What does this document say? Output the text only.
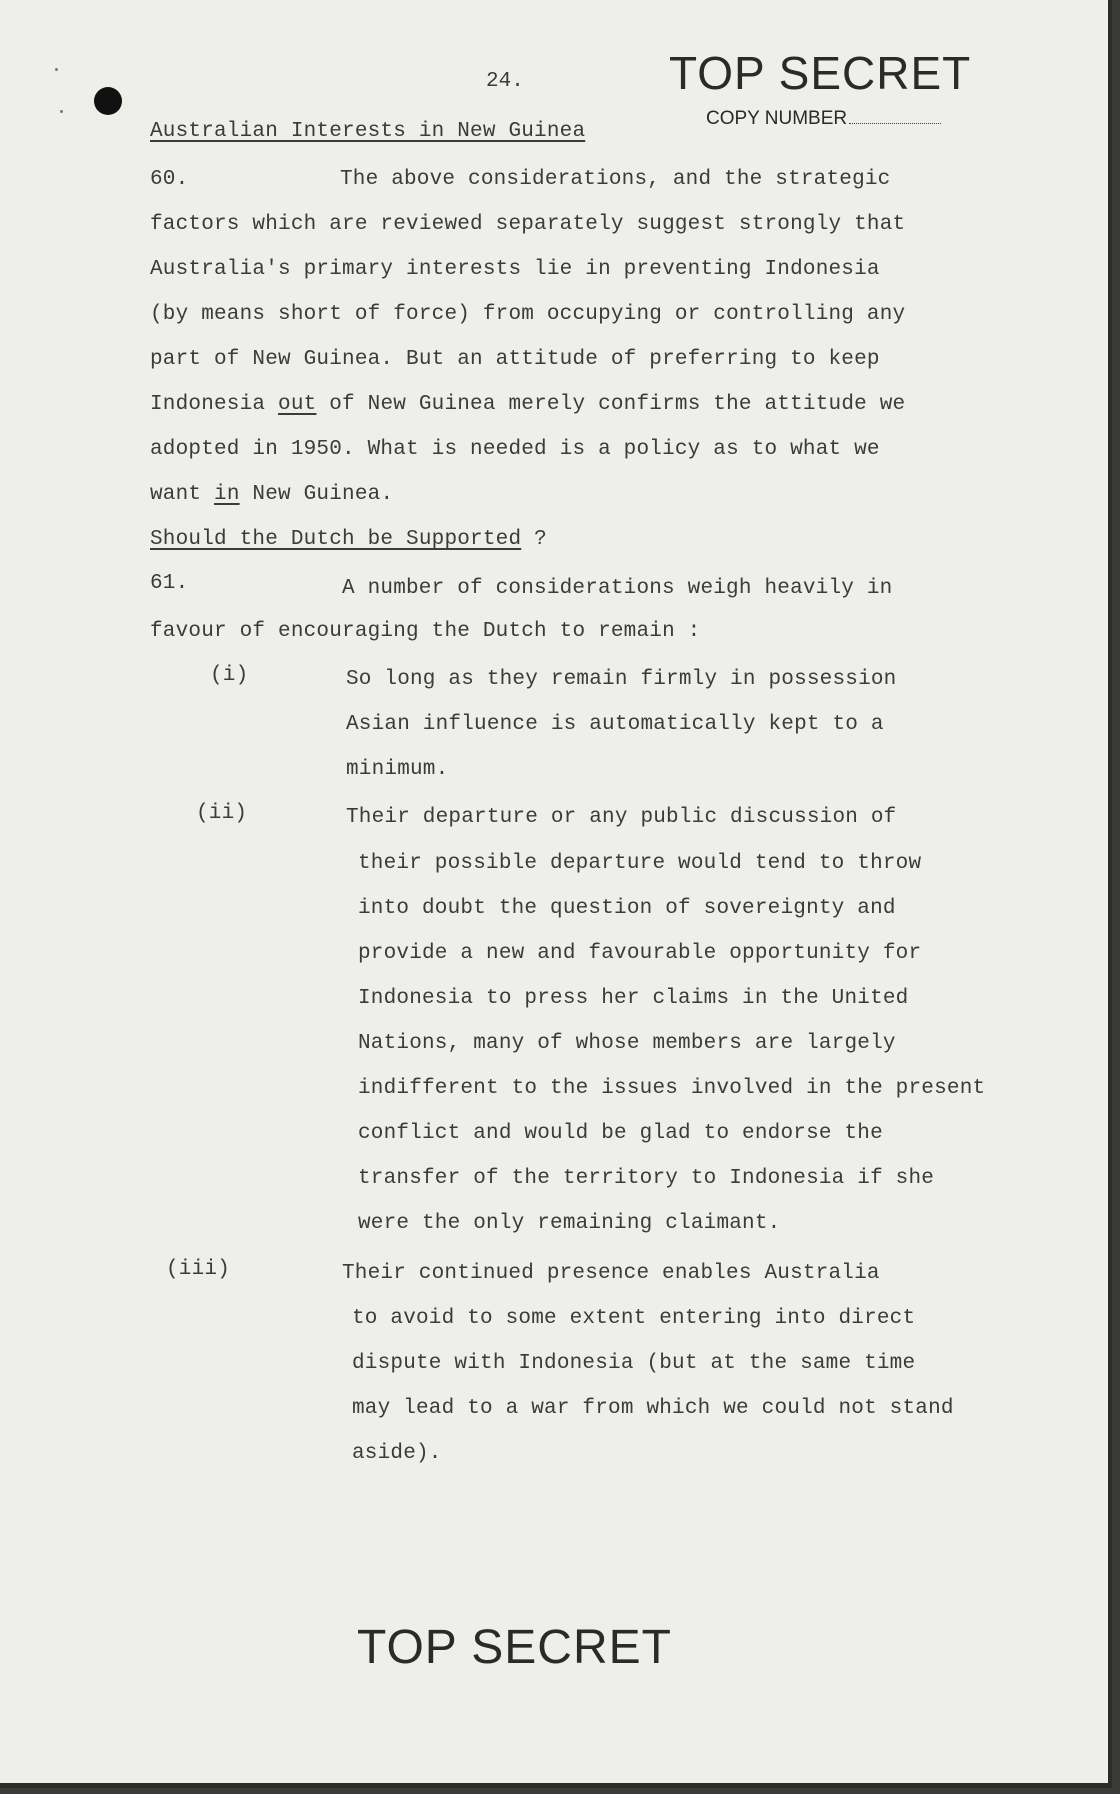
24.	TOP SECRET
COPY NUMBER
Australian Interests in New Guinea
60.	The above considerations, and the strategic
factors which are reviewed separately suggest strongly that
Australia's primary interests lie in preventing Indonesia
(by means short of force) from occupying or controlling any
part of New Guinea. But an attitude of preferring to keep
Indonesia out of New Guinea merely confirms the attitude we
adopted in 1950. What is needed is a policy as to what we
want in New Guinea.
Should the Dutch be Supported ?
61.	A number of considerations weigh heavily in
favour of encouraging the Dutch to remain :
(i)	So long as they remain firmly in possession
Asian influence is automatically kept to a
minimum.
(ii)	Their departure or any public discussion of
their possible departure would tend to throw
into doubt the question of sovereignty and
provide a new and favourable opportunity for
Indonesia to press her claims in the United
Nations, many of whose members are largely
indifferent to the issues involved in the present
conflict and would be glad to endorse the
transfer of the territory to Indonesia if she
were the only remaining claimant.
(iii)	Their continued presence enables Australia
to avoid to some extent entering into direct
dispute with Indonesia (but at the same time
may lead to a war from which we could not stand
aside).
TOP SECRET
